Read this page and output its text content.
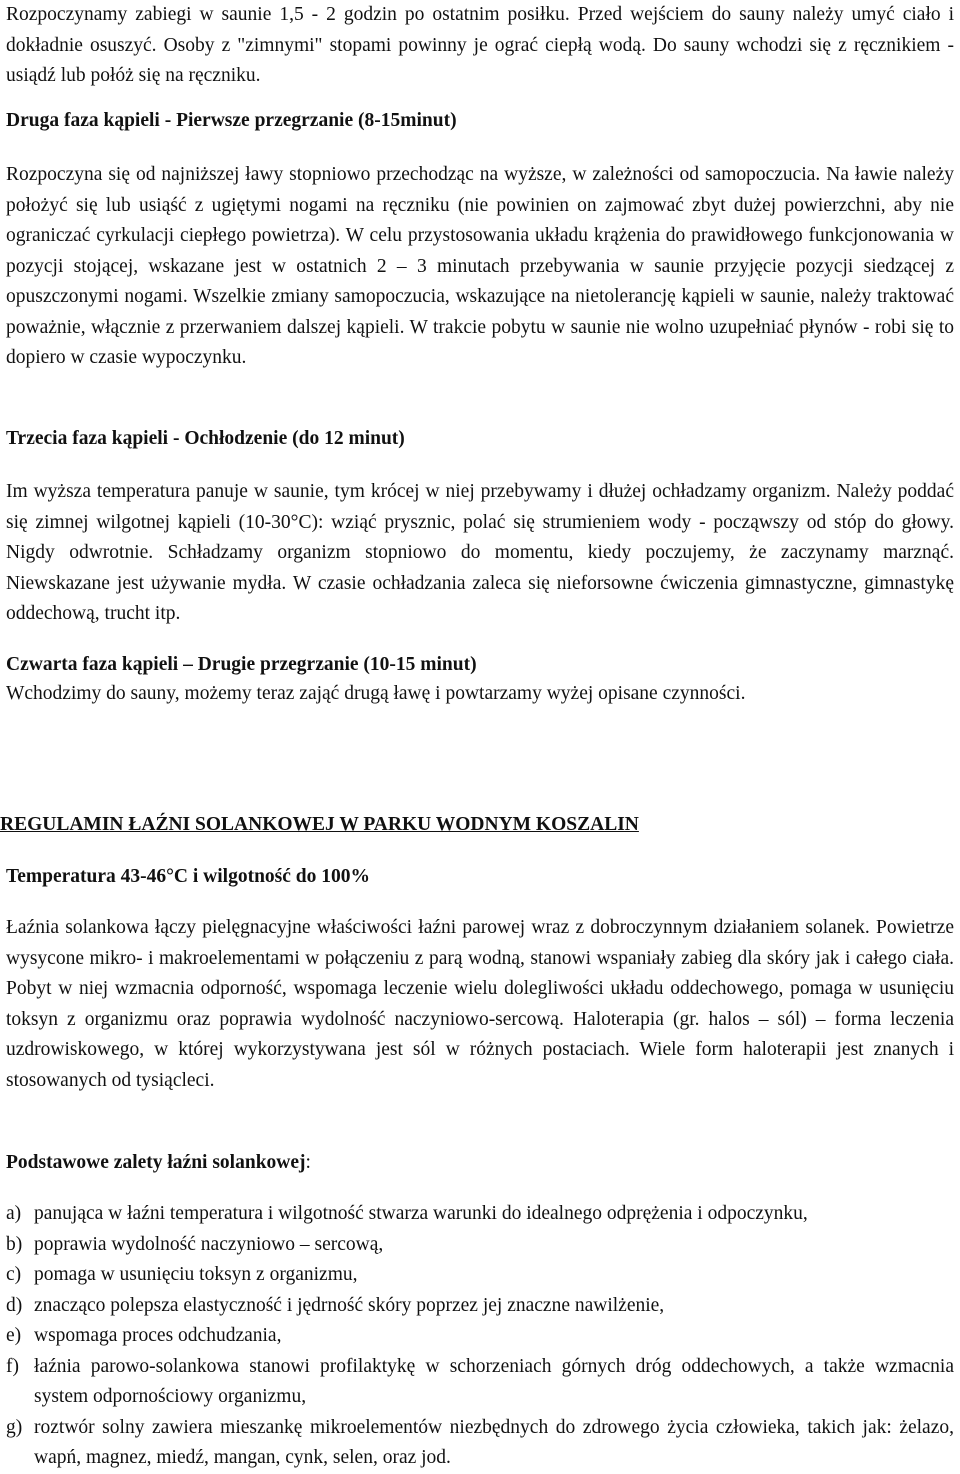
Rozpoczynamy zabiegi w saunie 1,5 - 2 godzin po ostatnim posiłku. Przed wejściem do sauny należy umyć ciało i dokładnie osuszyć. Osoby z "zimnymi" stopami powinny je ograć ciepłą wodą. Do sauny wchodzi się z ręcznikiem - usiądź lub połóż się na ręczniku.

Druga faza kąpieli - Pierwsze przegrzanie (8-15minut)

Rozpoczyna się od najniższej ławy stopniowo przechodząc na wyższe, w zależności od samopoczucia. Na ławie należy położyć się lub usiąść z ugiętymi nogami na ręczniku (nie powinien on zajmować zbyt dużej powierzchni, aby nie ograniczać cyrkulacji ciepłego powietrza). W celu przystosowania układu krążenia do prawidłowego funkcjonowania w pozycji stojącej, wskazane jest w ostatnich 2 – 3 minutach przebywania w saunie przyjęcie pozycji siedzącej z opuszczonymi nogami. Wszelkie zmiany samopoczucia, wskazujące na nietolerancję kąpieli w saunie, należy traktować poważnie, włącznie z przerwaniem dalszej kąpieli. W trakcie pobytu w saunie nie wolno uzupełniać płynów - robi się to dopiero w czasie wypoczynku.

Trzecia faza kąpieli - Ochłodzenie (do 12 minut)

Im wyższa temperatura panuje w saunie, tym krócej w niej przebywamy i dłużej ochładzamy organizm. Należy poddać się zimnej wilgotnej kąpieli (10-30°C): wziąć prysznic, polać się strumieniem wody - począwszy od stóp do głowy. Nigdy odwrotnie. Schładzamy organizm stopniowo do momentu, kiedy poczujemy, że zaczynamy marznąć. Niewskazane jest używanie mydła. W czasie ochładzania zaleca się nieforsowne ćwiczenia gimnastyczne, gimnastykę oddechową, trucht itp.

Czwarta faza kąpieli – Drugie przegrzanie (10-15 minut)

Wchodzimy do sauny, możemy teraz zająć drugą ławę i powtarzamy wyżej opisane czynności.

REGULAMIN ŁAŹNI SOLANKOWEJ W PARKU WODNYM KOSZALIN

Temperatura 43-46°C i wilgotność do 100%

Łaźnia solankowa łączy pielęgnacyjne właściwości łaźni parowej wraz z dobroczynnym działaniem solanek. Powietrze wysycone mikro- i makroelementami w połączeniu z parą wodną, stanowi wspaniały zabieg dla skóry jak i całego ciała. Pobyt w niej wzmacnia odporność, wspomaga leczenie wielu dolegliwości układu oddechowego, pomaga w usunięciu toksyn z organizmu oraz poprawia wydolność naczyniowo-sercową. Haloterapia (gr. halos – sól) – forma leczenia uzdrowiskowego, w której wykorzystywana jest sól w różnych postaciach. Wiele form haloterapii jest znanych i stosowanych od tysiącleci.

Podstawowe zalety łaźni solankowej:

a) panująca w łaźni temperatura i wilgotność stwarza warunki do idealnego odprężenia i odpoczynku,
b) poprawia wydolność naczyniowo – sercową,
c) pomaga w usunięciu toksyn z organizmu,
d) znacząco polepsza elastyczność i jędrność skóry poprzez jej znaczne nawilżenie,
e) wspomaga proces odchudzania,
f) łaźnia parowo-solankowa stanowi profilaktykę w schorzeniach górnych dróg oddechowych, a także wzmacnia system odpornościowy organizmu,
g) roztwór solny zawiera mieszankę mikroelementów niezbędnych do zdrowego życia człowieka, takich jak: żelazo, wapń, magnez, miedź, mangan, cynk, selen, oraz jod.
